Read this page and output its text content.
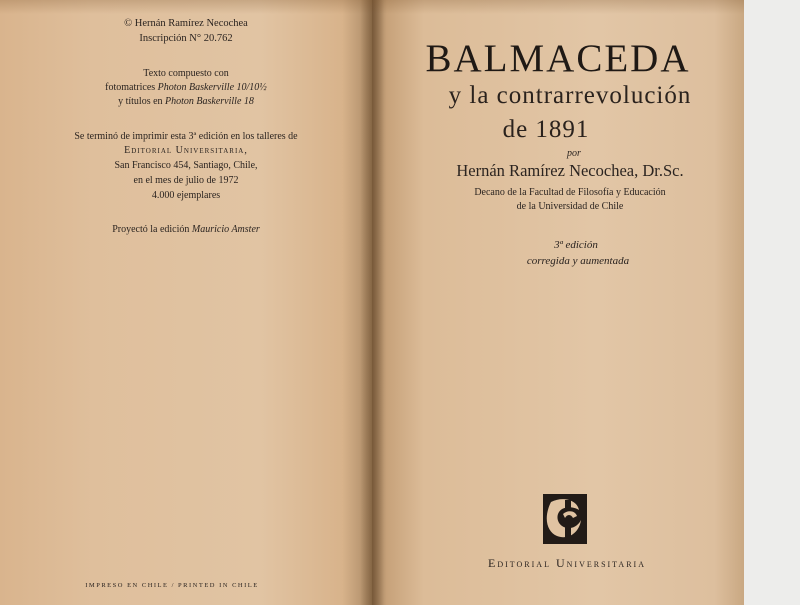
© Hernán Ramírez Necochea
Inscripción N° 20.762
Texto compuesto con
fotomatrices Photon Baskerville 10/10½
y títulos en Photon Baskerville 18
Se terminó de imprimir esta 3ª edición en los talleres de
Editorial Universitaria,
San Francisco 454, Santiago, Chile,
en el mes de julio de 1972
4.000 ejemplares
Proyectó la edición Mauricio Amster
IMPRESO EN CHILE / PRINTED IN CHILE
BALMACEDA
y la contrarrevolución
de 1891
por
Hernán Ramírez Necochea, Dr.Sc.
Decano de la Facultad de Filosofía y Educación
de la Universidad de Chile
3ª edición
corregida y aumentada
Editorial Universitaria
